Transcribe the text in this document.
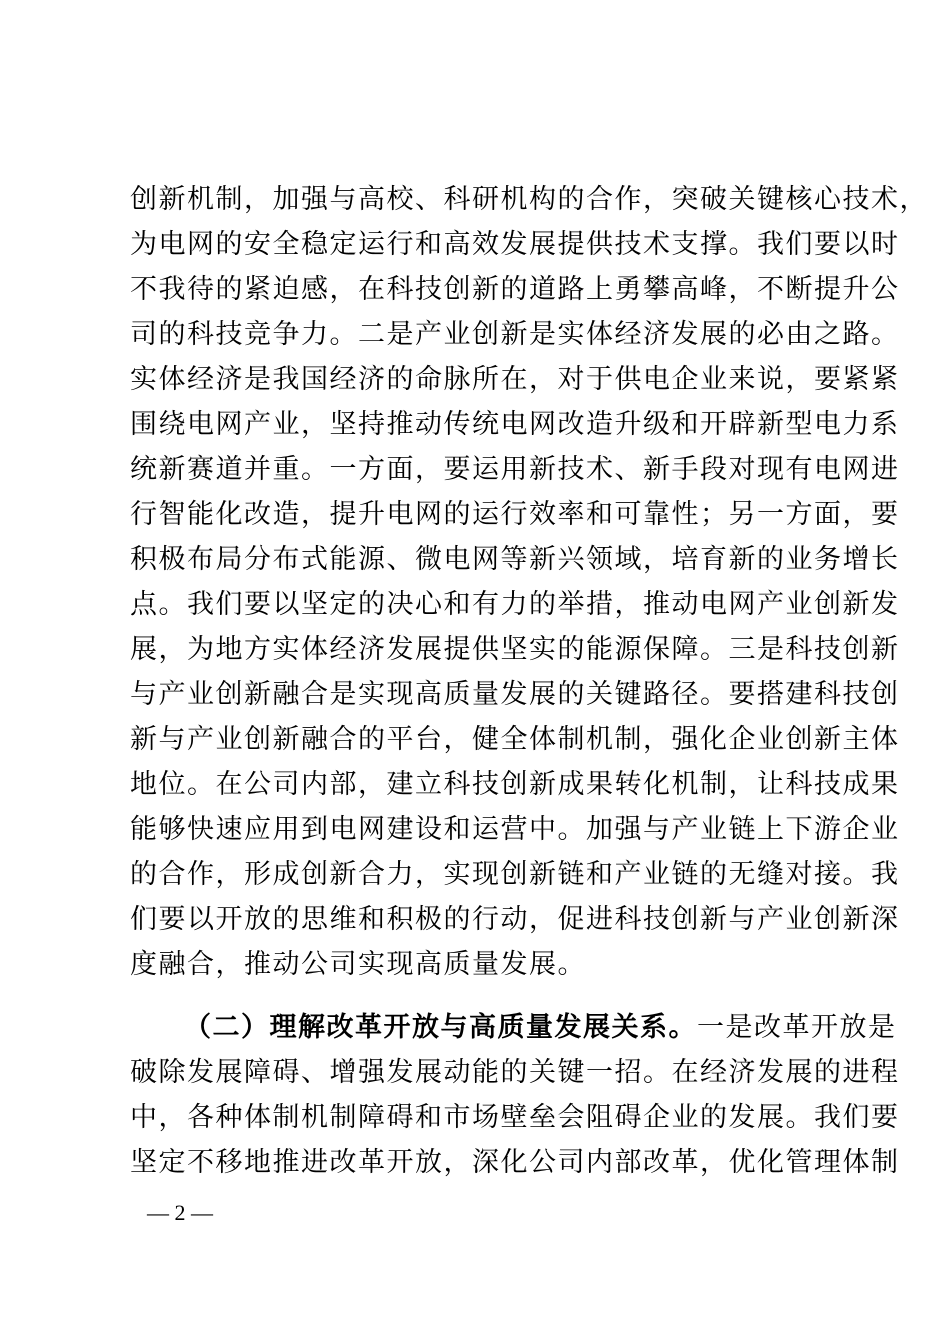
创新机制，加强与高校、科研机构的合作，突破关键核心技术，
为电网的安全稳定运行和高效发展提供技术支撑。我们要以时
不我待的紧迫感，在科技创新的道路上勇攀高峰，不断提升公
司的科技竞争力。二是产业创新是实体经济发展的必由之路。
实体经济是我国经济的命脉所在，对于供电企业来说，要紧紧
围绕电网产业，坚持推动传统电网改造升级和开辟新型电力系
统新赛道并重。一方面，要运用新技术、新手段对现有电网进
行智能化改造，提升电网的运行效率和可靠性；另一方面，要
积极布局分布式能源、微电网等新兴领域，培育新的业务增长
点。我们要以坚定的决心和有力的举措，推动电网产业创新发
展，为地方实体经济发展提供坚实的能源保障。三是科技创新
与产业创新融合是实现高质量发展的关键路径。要搭建科技创
新与产业创新融合的平台，健全体制机制，强化企业创新主体
地位。在公司内部，建立科技创新成果转化机制，让科技成果
能够快速应用到电网建设和运营中。加强与产业链上下游企业
的合作，形成创新合力，实现创新链和产业链的无缝对接。我
们要以开放的思维和积极的行动，促进科技创新与产业创新深
度融合，推动公司实现高质量发展。
（二）理解改革开放与高质量发展关系。一是改革开放是
破除发展障碍、增强发展动能的关键一招。在经济发展的进程
中，各种体制机制障碍和市场壁垒会阻碍企业的发展。我们要
坚定不移地推进改革开放，深化公司内部改革，优化管理体制
— 2 —
